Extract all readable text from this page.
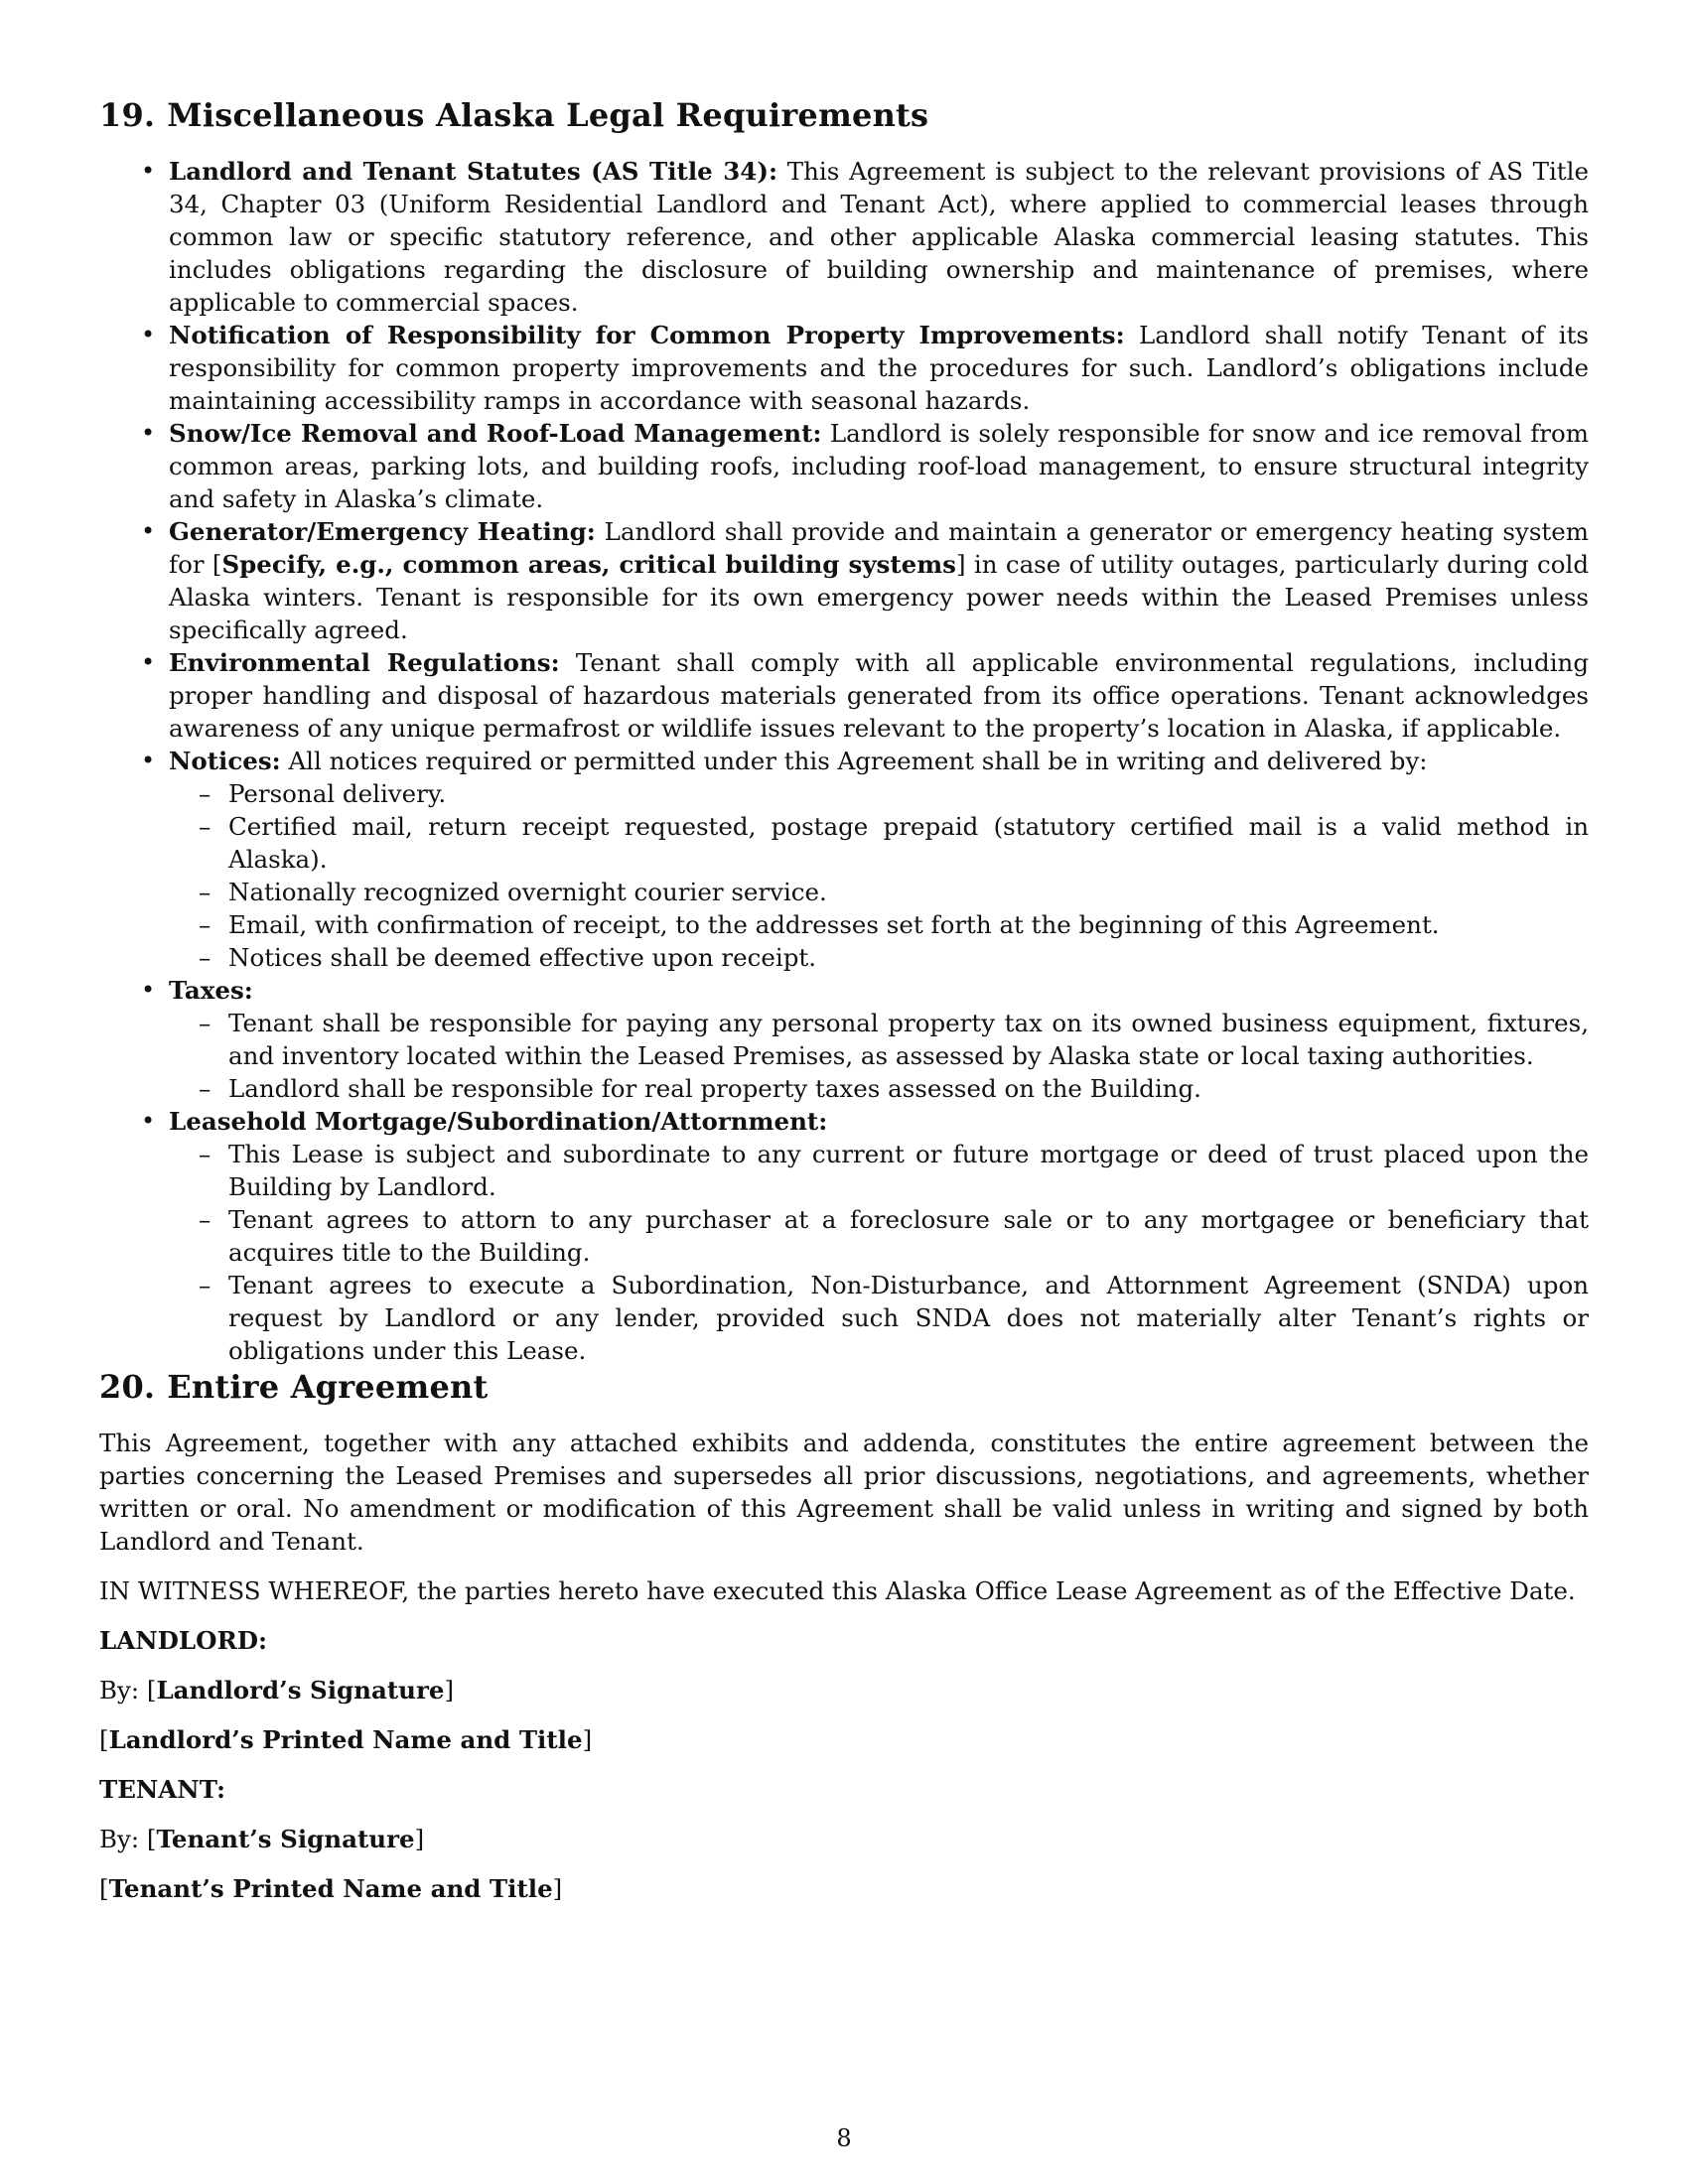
19. Miscellaneous Alaska Legal Requirements
• Landlord and Tenant Statutes (AS Title 34): This Agreement is subject to the relevant provisions of AS Title 34, Chapter 03 (Uniform Residential Landlord and Tenant Act), where applied to commercial leases through common law or specific statutory reference, and other applicable Alaska commercial leasing statutes. This includes obligations regarding the disclosure of building ownership and maintenance of premises, where applicable to commercial spaces.
• Notification of Responsibility for Common Property Improvements: Landlord shall notify Tenant of its responsibility for common property improvements and the procedures for such. Landlord’s obligations include maintaining accessibility ramps in accordance with seasonal hazards.
• Snow/Ice Removal and Roof-Load Management: Landlord is solely responsible for snow and ice removal from common areas, parking lots, and building roofs, including roof-load management, to ensure structural integrity and safety in Alaska’s climate.
• Generator/Emergency Heating: Landlord shall provide and maintain a generator or emergency heating system for [Specify, e.g., common areas, critical building systems] in case of utility outages, particularly during cold Alaska winters. Tenant is responsible for its own emergency power needs within the Leased Premises unless specifically agreed.
• Environmental Regulations: Tenant shall comply with all applicable environmental regulations, including proper handling and disposal of hazardous materials generated from its office operations. Tenant acknowledges awareness of any unique permafrost or wildlife issues relevant to the property’s location in Alaska, if applicable.
• Notices: All notices required or permitted under this Agreement shall be in writing and delivered by:
– Personal delivery.
– Certified mail, return receipt requested, postage prepaid (statutory certified mail is a valid method in Alaska).
– Nationally recognized overnight courier service.
– Email, with confirmation of receipt, to the addresses set forth at the beginning of this Agreement.
– Notices shall be deemed effective upon receipt.
• Taxes:
– Tenant shall be responsible for paying any personal property tax on its owned business equipment, fixtures, and inventory located within the Leased Premises, as assessed by Alaska state or local taxing authorities.
– Landlord shall be responsible for real property taxes assessed on the Building.
• Leasehold Mortgage/Subordination/Attornment:
– This Lease is subject and subordinate to any current or future mortgage or deed of trust placed upon the Building by Landlord.
– Tenant agrees to attorn to any purchaser at a foreclosure sale or to any mortgagee or beneficiary that acquires title to the Building.
– Tenant agrees to execute a Subordination, Non-Disturbance, and Attornment Agreement (SNDA) upon request by Landlord or any lender, provided such SNDA does not materially alter Tenant’s rights or obligations under this Lease.
20. Entire Agreement

This Agreement, together with any attached exhibits and addenda, constitutes the entire agreement between the parties concerning the Leased Premises and supersedes all prior discussions, negotiations, and agreements, whether written or oral. No amendment or modification of this Agreement shall be valid unless in writing and signed by both Landlord and Tenant.

IN WITNESS WHEREOF, the parties hereto have executed this Alaska Office Lease Agreement as of the Effective Date.

LANDLORD:

By: [Landlord’s Signature]

[Landlord’s Printed Name and Title]

TENANT:

By: [Tenant’s Signature]

[Tenant’s Printed Name and Title]

8
